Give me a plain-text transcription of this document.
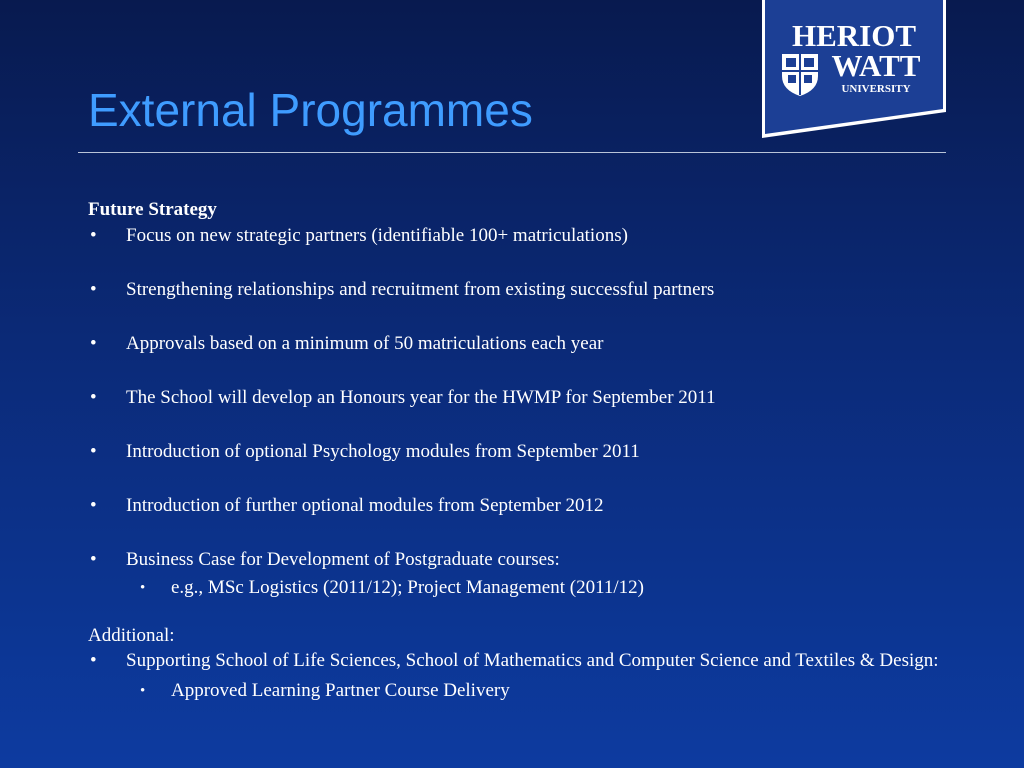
External Programmes
HERIOT
WATT
UNIVERSITY

Future Strategy

• Focus on new strategic partners (identifiable 100+ matriculations)

• Strengthening relationships and recruitment from existing successful partners

• Approvals based on a minimum of 50 matriculations each year

• The School will develop an Honours year for the HWMP for September 2011

• Introduction of optional Psychology modules from September 2011

• Introduction of further optional modules from September 2012

• Business Case for Development of Postgraduate courses:

• e.g., MSc Logistics (2011/12); Project Management (2011/12)

Additional:

• Supporting School of Life Sciences, School of Mathematics and Computer Science and Textiles & Design:

• Approved Learning Partner Course Delivery
